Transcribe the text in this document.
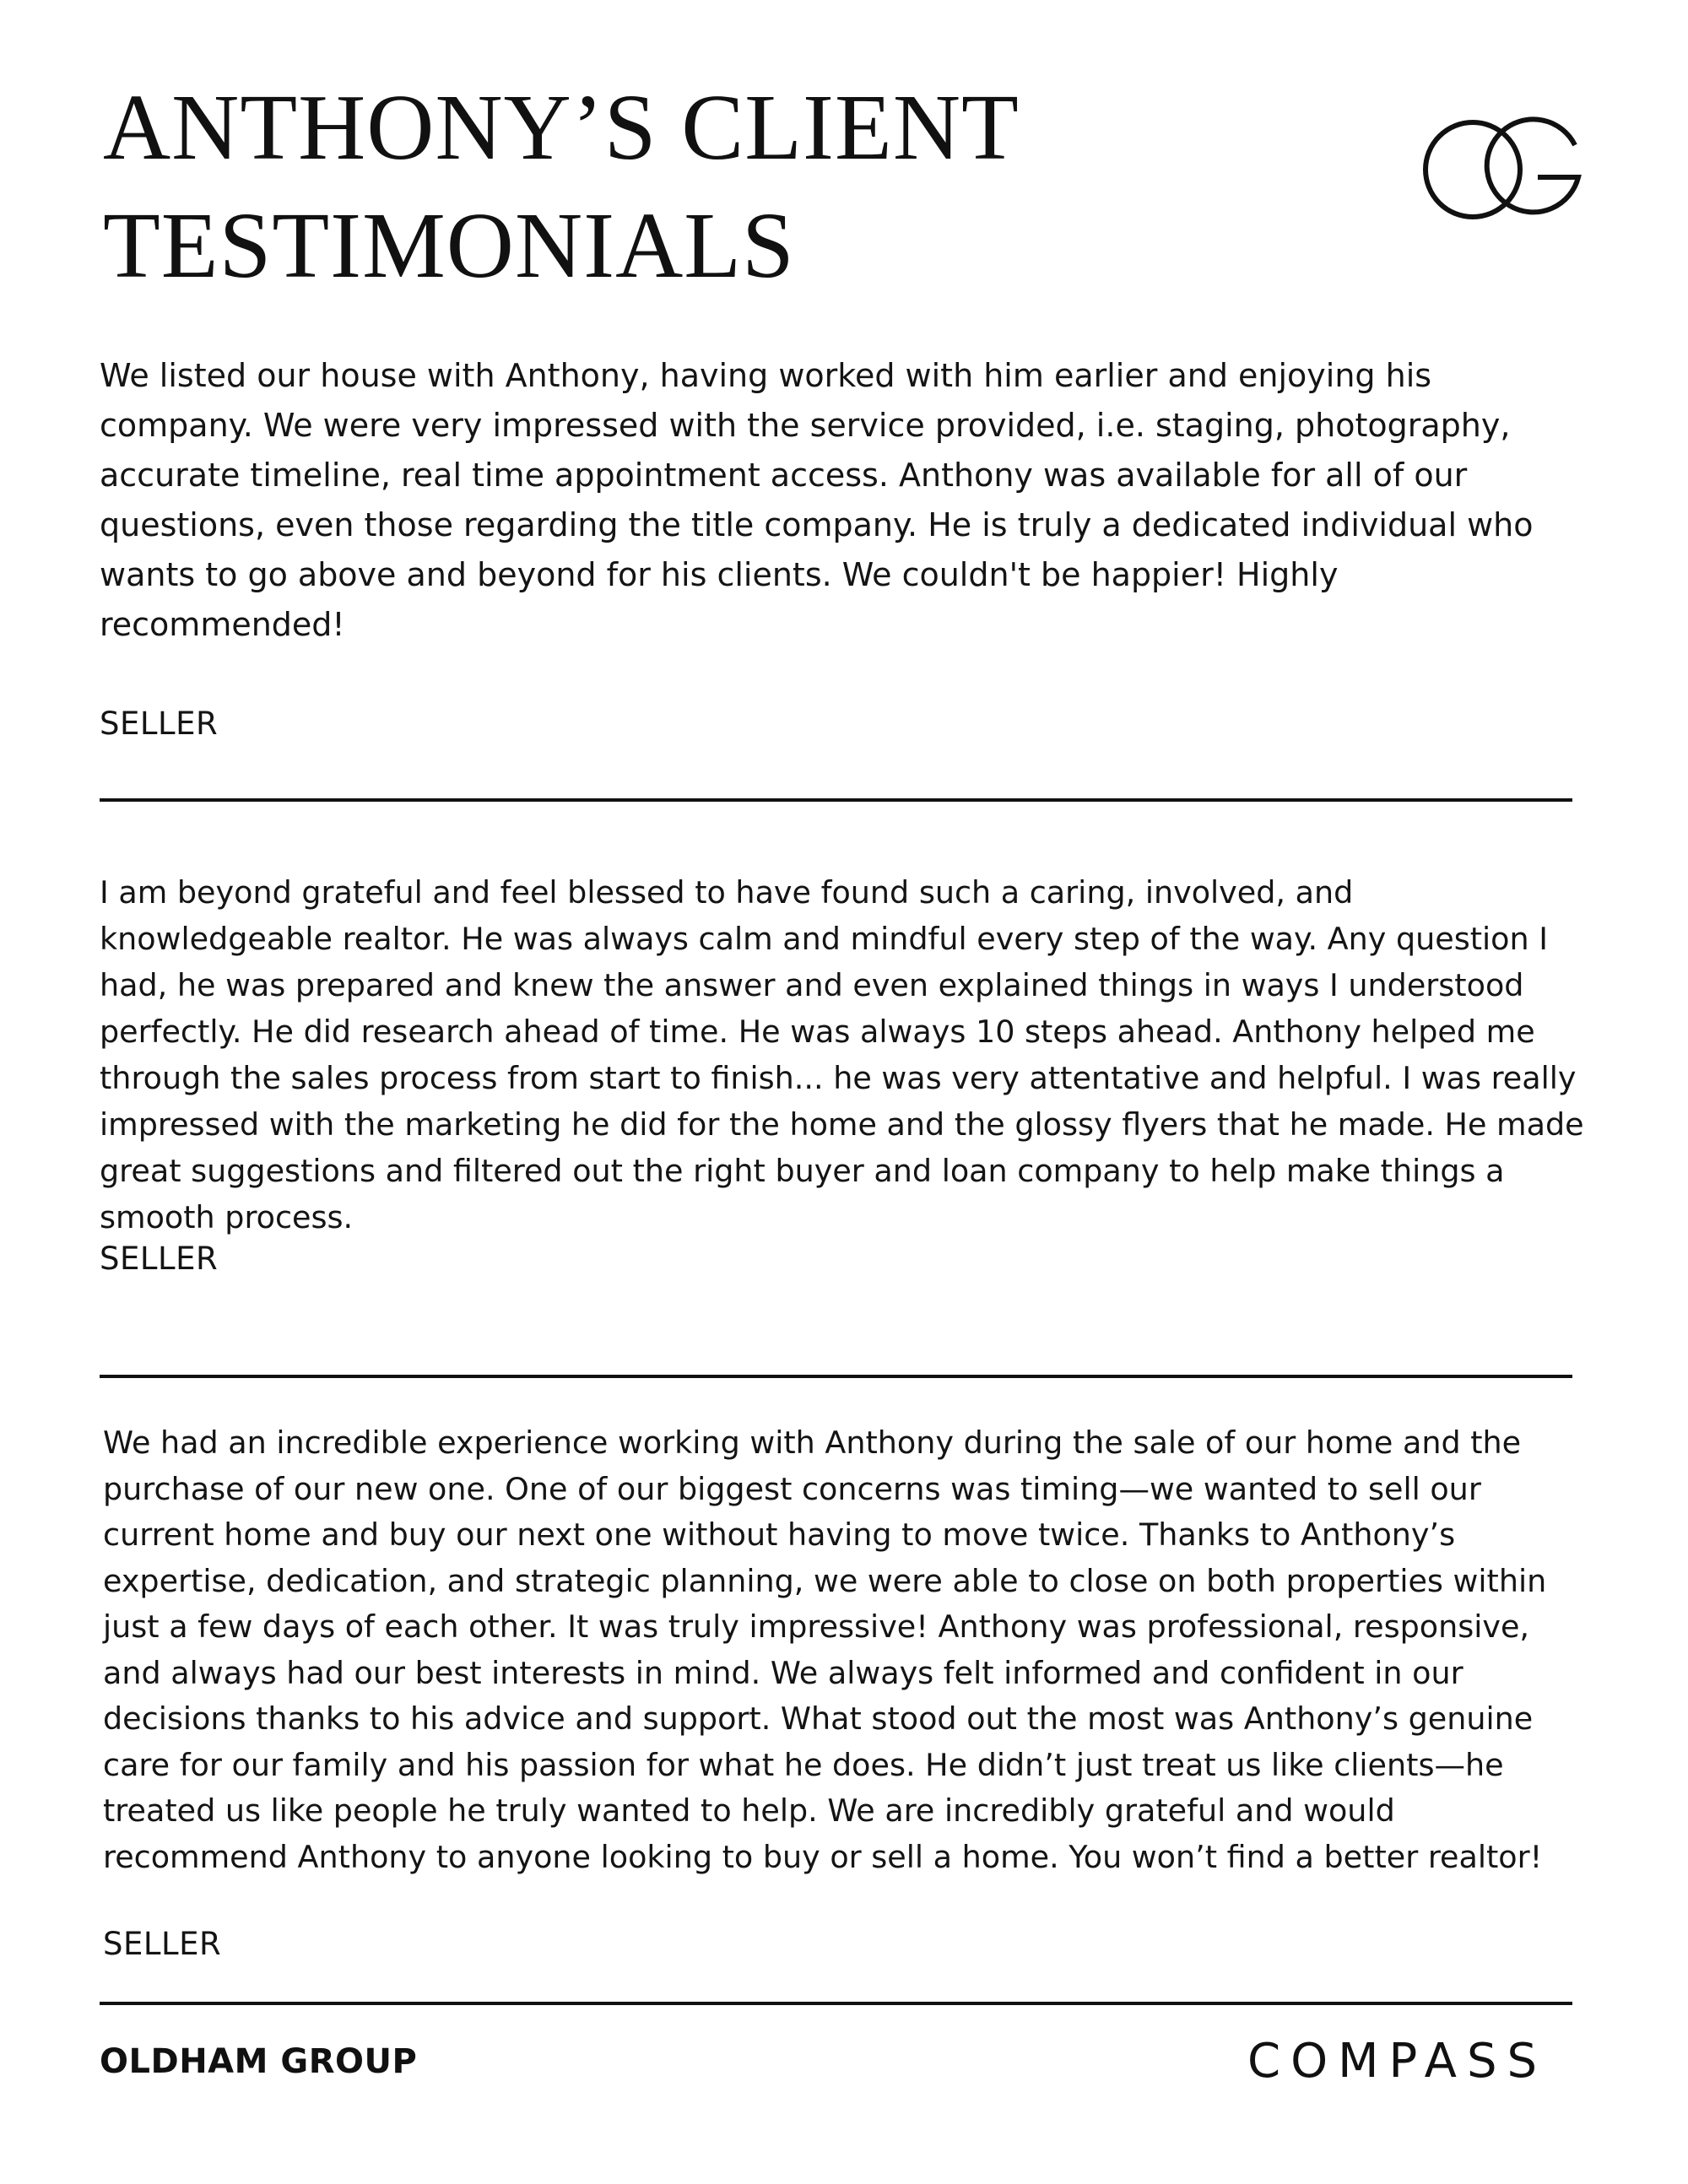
ANTHONY’S CLIENT
TESTIMONIALS

We listed our house with Anthony, having worked with him earlier and enjoying his company. We were very impressed with the service provided, i.e. staging, photography, accurate timeline, real time appointment access. Anthony was available for all of our questions, even those regarding the title company. He is truly a dedicated individual who wants to go above and beyond for his clients. We couldn't be happier! Highly recommended!

SELLER

I am beyond grateful and feel blessed to have found such a caring, involved, and knowledgeable realtor. He was always calm and mindful every step of the way. Any question I had, he was prepared and knew the answer and even explained things in ways I understood perfectly. He did research ahead of time. He was always 10 steps ahead. Anthony helped me through the sales process from start to finish... he was very attentative and helpful. I was really impressed with the marketing he did for the home and the glossy flyers that he made. He made great suggestions and filtered out the right buyer and loan company to help make things a smooth process.

SELLER

We had an incredible experience working with Anthony during the sale of our home and the purchase of our new one. One of our biggest concerns was timing—we wanted to sell our current home and buy our next one without having to move twice. Thanks to Anthony’s expertise, dedication, and strategic planning, we were able to close on both properties within just a few days of each other. It was truly impressive! Anthony was professional, responsive, and always had our best interests in mind. We always felt informed and confident in our decisions thanks to his advice and support. What stood out the most was Anthony’s genuine care for our family and his passion for what he does. He didn’t just treat us like clients—he treated us like people he truly wanted to help. We are incredibly grateful and would recommend Anthony to anyone looking to buy or sell a home. You won’t find a better realtor!

SELLER

OLDHAM GROUP	COMPASS
